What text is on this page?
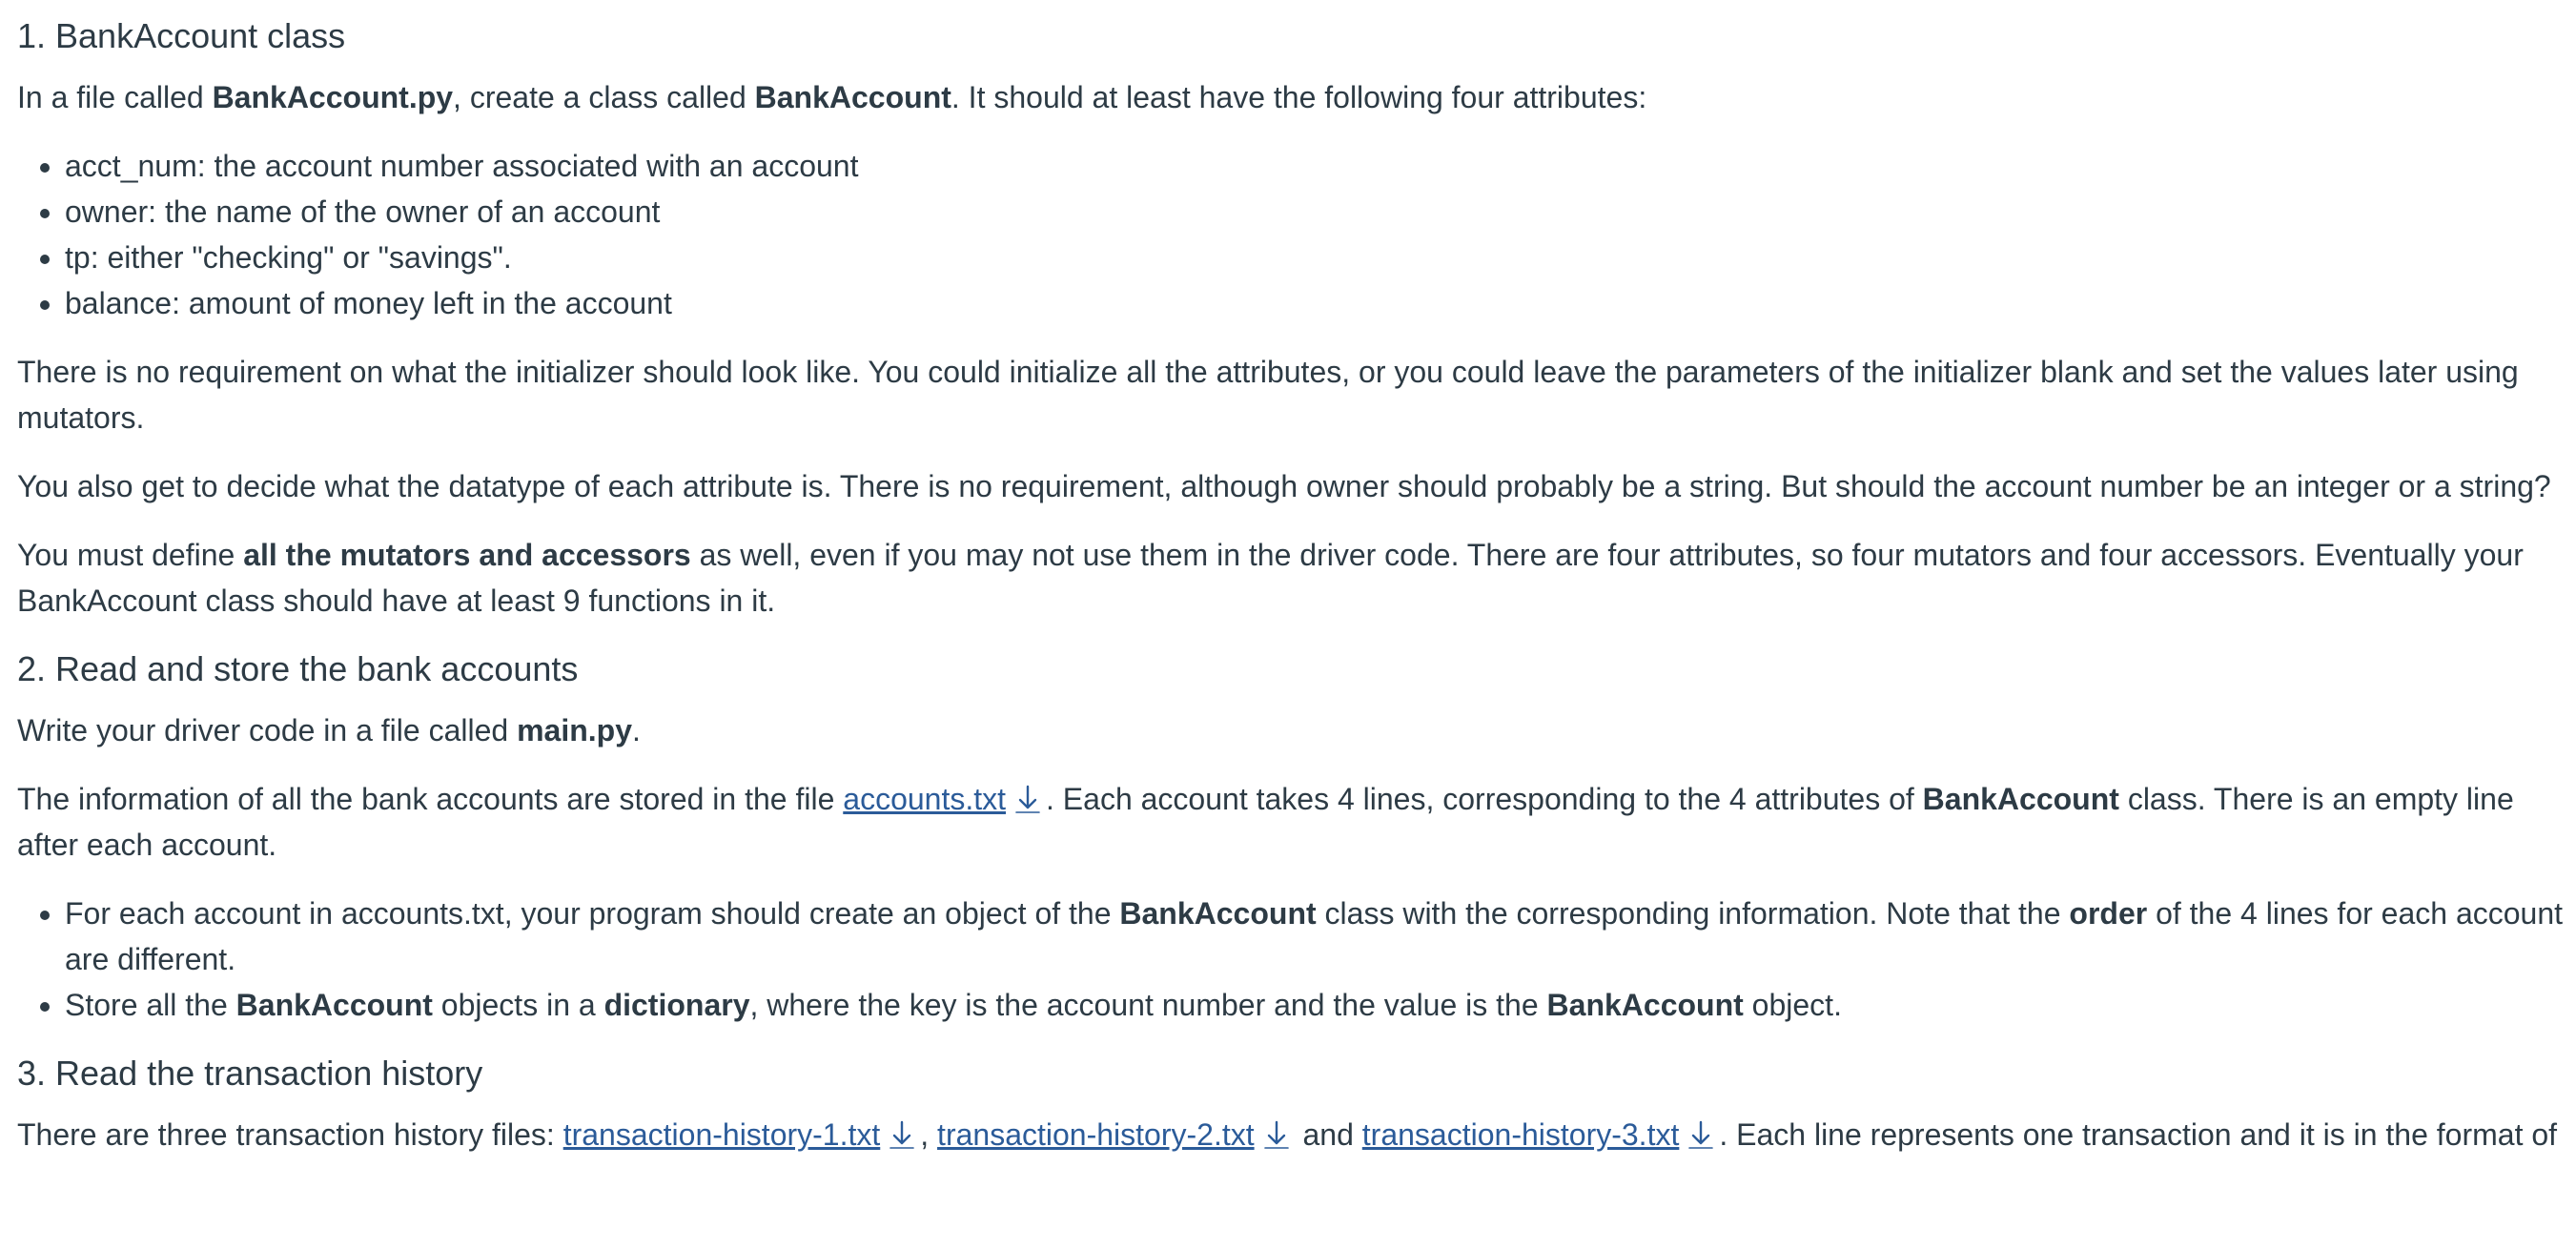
1. BankAccount class

In a file called BankAccount.py, create a class called BankAccount. It should at least have the following four attributes:

• acct_num: the account number associated with an account
• owner: the name of the owner of an account
• tp: either "checking" or "savings".
• balance: amount of money left in the account

There is no requirement on what the initializer should look like. You could initialize all the attributes, or you could leave the parameters of the initializer blank and set the values later using mutators.

You also get to decide what the datatype of each attribute is. There is no requirement, although owner should probably be a string. But should the account number be an integer or a string?

You must define all the mutators and accessors as well, even if you may not use them in the driver code. There are four attributes, so four mutators and four accessors. Eventually your BankAccount class should have at least 9 functions in it.

2. Read and store the bank accounts

Write your driver code in a file called main.py.

The information of all the bank accounts are stored in the file accounts.txt . Each account takes 4 lines, corresponding to the 4 attributes of BankAccount class. There is an empty line after each account.

• For each account in accounts.txt, your program should create an object of the BankAccount class with the corresponding information. Note that the order of the 4 lines for each account are different.
• Store all the BankAccount objects in a dictionary, where the key is the account number and the value is the BankAccount object.
3. Read the transaction history

There are three transaction history files: transaction-history-1.txt , transaction-history-2.txt and transaction-history-3.txt . Each line represents one transaction and it is in the format of
